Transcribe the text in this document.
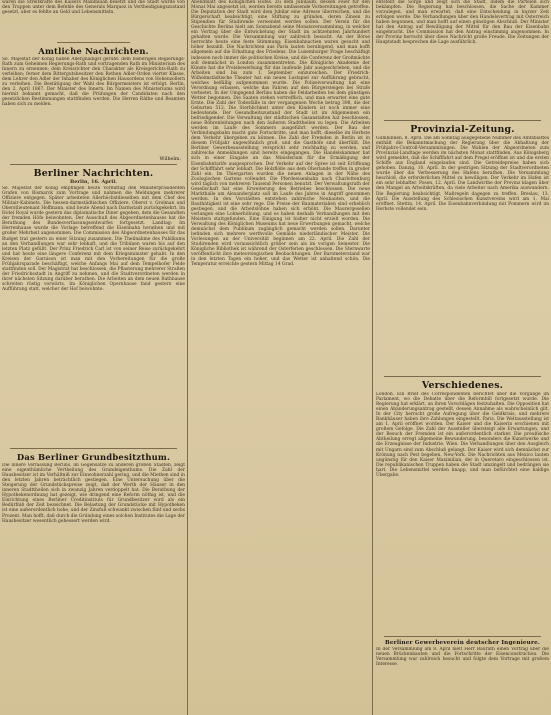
waren die Streitkräfte des Kaisers Maximilian besetzt und die Stadt wurde von den Truppen unter dem Befehle des Generals Marquez in Vertheidigungszustand gesetzt, aber es fehlte an Geld und Lebensmitteln.

Amtliche Nachrichten.

Se. Majestät der König haben Allergnädigst geruht: dem bisherigen Regierungs-Rath zum Geheimen Regierungs-Rath und vortragenden Rath im Ministerium des Innern zu ernennen; dem Kreisrichter den Charakter als Kreisgerichts-Rath zu verleihen; ferner dem Rittergutsbesitzer den Rothen Adler-Orden vierter Klasse, dem Lehrer den Adler der Inhaber des Königlichen Hausordens von Hohenzollern zu verleihen. Die Bestätigung der Wahl des Bürgermeisters ist erfolgt. Berlin, den 2. April 1867. Der Minister des Innern. Im Namen des Ministeriums wird hiermit bekannt gemacht, daß die Prüfungen der Candidaten nach den gesetzlichen Bestimmungen stattfinden werden. Die Herren Räthe und Beamten haben sich zu melden.

Wilhelm.

Berliner Nachrichten.

Berlin, 16. April.

Se. Majestät der König empfingen heute Vormittag den Ministerpräsidenten Grafen von Bismarck zum Vortrage und nahmen die Meldungen mehrerer Offiziere entgegen. Später arbeiteten Allerhöchstdieselben mit dem Chef des Militair-Kabinets. Die hessen-darmstädtischen Offiziere, Oberst v. Grolman und Oberstlieutenant Hoffmann, sind heute Abend nach Darmstadt zurückgekehrt. Im Hotel Royal wurde gestern das diplomatische Diner gegeben, dem die Gesandten der fremden Höfe beiwohnten. Der Ausschuß des Abgeordnetenhauses hat die Berathung des Bundesverfassungsentwurfes fortgesetzt. Landtag: Im Herrenhause wurde die Vorlage betreffend die Eisenbahn berathen und mit großer Mehrheit angenommen. Die Commission des Abgeordnetenhauses für das Budget trat gestern zu einer Sitzung zusammen. Die Theilnahme des Publikums an den Verhandlungen war sehr lebhaft, und die Tribünen waren bis auf den letzten Platz gefüllt. Der Prinz Friedrich Carl ist von seiner Reise zurückgekehrt und hat heute eine längere Conferenz mit dem Kriegsminister gehabt. In den Kreisen der Garnison ist man mit den Vorbereitungen für die große Frühjahrsparade beschäftigt, welche Anfangs Mai auf dem Tempelhofer Felde stattfinden soll. Der Magistrat hat beschlossen, die Pflasterung mehrerer Straßen der Friedrichsstadt in Angriff zu nehmen, und die Stadtverordneten werden in ihrer nächsten Sitzung darüber berathen. Die Arbeiten an dem neuen Rathhause schreiten rüstig vorwärts. Im Königlichen Opernhause fand gestern eine Aufführung statt, welcher der Hof beiwohnte.

Das Berliner Grundbesitzthum.

Die innere Verfassung Berlins, im Gegensatze zu anderen großen Städten, zeigt eine eigenthümliche Vertheilung des Grundeigenthums. Die Zahl der Hausbesitzer ist im Verhältniß zur Einwohnerzahl gering, und die Miethen sind in den letzten Jahren beträchtlich gestiegen. Eine Untersuchung über die Steigerung der Grundstückspreise zeigt, daß der Werth der Häuser in den inneren Stadttheilen sich in zwanzig Jahren verdoppelt hat. Die Berathung der Hypothekenordnung hat gezeigt, wie dringend eine Reform nöthig ist, und die Einrichtung eines Berliner Creditinstituts für Grundbesitzer wird als ein Bedürfniß der Zeit bezeichnet. Die Belastung der Grundstücke mit Hypotheken ist eine außerordentlich hohe, und der Zinsfuß schwankt zwischen fünf und sechs Prozent. Man hofft, daß durch die Gründung eines solchen Institutes die Lage der Hausbesitzer wesentlich gebessert werden wird.

Abendblatt des Königlichen Hofes. Zu dem Jubiläum, dessen Feier für den Monat Mai angesetzt ist, werden bereits umfassende Vorbereitungen getroffen. Die Deputation der Stadt wird dem Jubilar eine Adresse überreichen, und die Bürgerschaft beabsichtigt, eine Stiftung zu gründen, deren Zinsen zu Stipendien für Studirende verwendet werden sollen. Der Verein für die Geschichte Berlins hielt am Sonnabend seine Monatsversammlung, in welcher ein Vortrag über die Entwickelung der Stadt im achtzehnten Jahrhundert gehalten wurde. Die Versammlung war zahlreich besucht. An der Börse herrschte heute eine feste Stimmung; Eisenbahnactien waren gesucht und höher bezahlt. Die Nachrichten aus Paris lauten beruhigend, und man hofft allgemein auf die Erhaltung des Friedens. Die Luxemburger Frage beschäftigt indessen noch immer die politischen Kreise, und die Conferenz der Großmächte soll demnächst in London zusammentreten. Die Königliche Akademie der Künste hat die Preisbewerbung für das laufende Jahr ausgeschrieben, und die Arbeiten sind bis zum 1. September einzureichen. Der Friedrich-Wilhelmstädtische Theater hat ein neues Lustspiel zur Aufführung gebracht, welches beifällig aufgenommen wurde. Die Polizeiverwaltung hat eine Verordnung erlassen, welche das Fahren auf den Bürgersteigen bei Strafe verbietet. In der Umgegend Berlins haben die Feldarbeiten bei dem günstigen Wetter begonnen. Die Saaten stehen vortrefflich, und man erwartet eine gute Ernte. Die Zahl der Todesfälle in der vergangenen Woche betrug 398, die der Geburten 512. Die Sterblichkeit unter den Kindern ist noch immer eine bedeutende. Der Gesundheitszustand der Stadt ist im Allgemeinen ein befriedigender. Die Verwaltung der städtischen Gasanstalten hat beschlossen, neue Röhrenleitungen nach den äußeren Stadttheilen zu legen. Die Arbeiten werden im Laufe des Sommers ausgeführt werden. Der Bau der Verbindungsbahn macht gute Fortschritte, und man hofft, dieselbe im Herbste dem Verkehr übergeben zu können. Die Zahl der Fremden in Berlin ist in diesem Frühjahr ungewöhnlich groß, und die Gasthöfe sind überfüllt. Die Berliner Gewerbeausstellung verspricht sehr reichhaltig zu werden, und zahlreiche Anmeldungen sind bereits eingegangen. Die Handelskammer hat sich in einer Eingabe an das Ministerium für die Ermäßigung der Eisenbahntarife ausgesprochen. Der Verkehr auf der Spree ist seit Eröffnung der Schifffahrt sehr lebhaft. Die Holzflöße aus dem Oberlande treffen in großer Zahl ein. Im Thiergarten wurden die neuen Anlagen in der Nähe des Zoologischen Gartens vollendet. Die Pferdeeisenbahn nach Charlottenburg wird täglich von mehreren Tausend Personen benutzt. Der Verwaltungsrath der Gesellschaft hat eine Erweiterung des Betriebes beschlossen. Die neue Markthalle am Alexanderplatz soll im Laufe des Jahres in Angriff genommen werden. In den Vorstädten entstehen zahlreiche Neubauten, und die Bauthätigkeit ist eine sehr rege. Die Preise der Baumaterialien sind erheblich gestiegen, und die Arbeitslöhne haben sich erhöht. Die Maurergesellen verlangen eine Lohnerhöhung, und es haben deshalb Verhandlungen mit den Meistern stattgefunden. Eine Einigung ist bisher nicht erzielt worden. Die Verwaltung des Königlichen Museums hat neue Erwerbungen gemacht, welche demnächst dem Publikum zugänglich gemacht werden sollen. Darunter befinden sich mehrere werthvolle Gemälde niederländischer Meister. Die Vorlesungen an der Universität beginnen am 22. April. Die Zahl der Studirenden wird voraussichtlich größer sein als im vorigen Semester. Die Königliche Bibliothek ist während der Osterferien geschlossen. Die Sternwarte veröffentlicht ihre meteorologischen Beobachtungen. Der Barometerstand war in den letzten Tagen ein hoher, und das Wetter ist anhaltend schön. Die Temperatur erreichte gestern Mittag 14 Grad.

entstellt die Sorge und zeigt sich die Stadt, indem die Parteien sich bekämpfen. Die Regierung hat beschlossen, die Sache der Kammer vorzulegen, und man erwartet, daß eine Entscheidung in kurzer Zeit erfolgen werde. Die Verhandlungen über den Handelsvertrag mit Österreich haben begonnen, und man hofft auf einen günstigen Abschluß. Der Minister hat den Antrag auf Bewilligung der Mittel für den Bau der Eisenbahn eingebracht. Die Commission hat den Antrag einstimmig angenommen. In der Provinz herrscht über diese Nachricht große Freude. Die Zeitungen der Hauptstadt besprechen die Lage ausführlich.

Provinzial-Zeitung.

Gumbinnen, 8. April. Die am Sonntag ausgegebene Nummer des Amtsblattes enthält die Bekanntmachung der Regierung über die Abhaltung der Frühjahrs-Controll-Versammlungen. Die Wahlen der Abgeordneten zum Provinzial-Landtage werden im nächsten Monat stattfinden. Aus Königsberg wird gemeldet, daß die Schifffahrt auf dem Pregel eröffnet ist und die ersten Schiffe aus England eingelaufen sind. Die Getreidepreise haben sich gehoben. Danzig, 10. April. In der gestrigen Sitzung der Stadtverordneten wurde über die Verbesserung des Hafens berathen. Die Versammlung beschloß, die erforderlichen Mittel zu bewilligen. Der Verkehr im Hafen ist ein sehr lebhafter. Posen, 12. April. Die Landwirthe der Provinz klagen über den Mangel an Arbeitskräften, da viele Arbeiter nach Amerika auswandern. Die Regierung beabsichtigt, Maßregeln dagegen zu treffen. Breslau, 13. April. Die Ausstellung des Schlesischen Kunstvereins wird am 1. Mai eröffnet. Stettin, 14. April. Die Eisenbahnverbindung mit Pommern wird im Herbste vollendet sein.

Verschiedenes.

London. Ein Brief des Correspondenten berichtet über die Vorgänge im Parlament, wo die Debatte über die Reformbill fortgesetzt wurde. Die Regierung hat erklärt, an ihren Vorschlägen festzuhalten. Die Opposition hat einen Abänderungsantrag gestellt, dessen Annahme als wahrscheinlich gilt. In der City herrscht große Aufregung über die Geldkrisis, und mehrere Bankhäuser haben ihre Zahlungen eingestellt. Paris. Die Weltausstellung ist am 1. April eröffnet worden. Der Kaiser und die Kaiserin erschienen mit großem Gefolge. Die Zahl der Aussteller übersteigt alle Erwartungen, und der Besuch der Fremden ist ein außerordentlich starker. Die preußische Abtheilung erregt allgemeine Bewunderung, besonders die Kunstwerke und die Erzeugnisse der Industrie. Wien. Die Verhandlungen über den Ausgleich mit Ungarn sind zum Abschluß gelangt. Der Kaiser wird sich demnächst zur Krönung nach Pest begeben. New-York. Die Nachrichten aus Mexico lauten ungünstig für den Kaiser Maximilian, der in Queretaro eingeschlossen ist. Die republikanischen Truppen haben die Stadt umzingelt und bedrängen sie hart. Die Lebensmittel werden knapp, und man befürchtet eine baldige Übergabe.

Berliner Gewerbeverein deutscher Ingenieure.

In der Versammlung am 8. April hielt Herr Baurath einen Vortrag über die neuen Brückenbauten und die Fortschritte der Eisenconstruction. Die Versammlung war zahlreich besucht und folgte dem Vortrage mit großem Interesse.
